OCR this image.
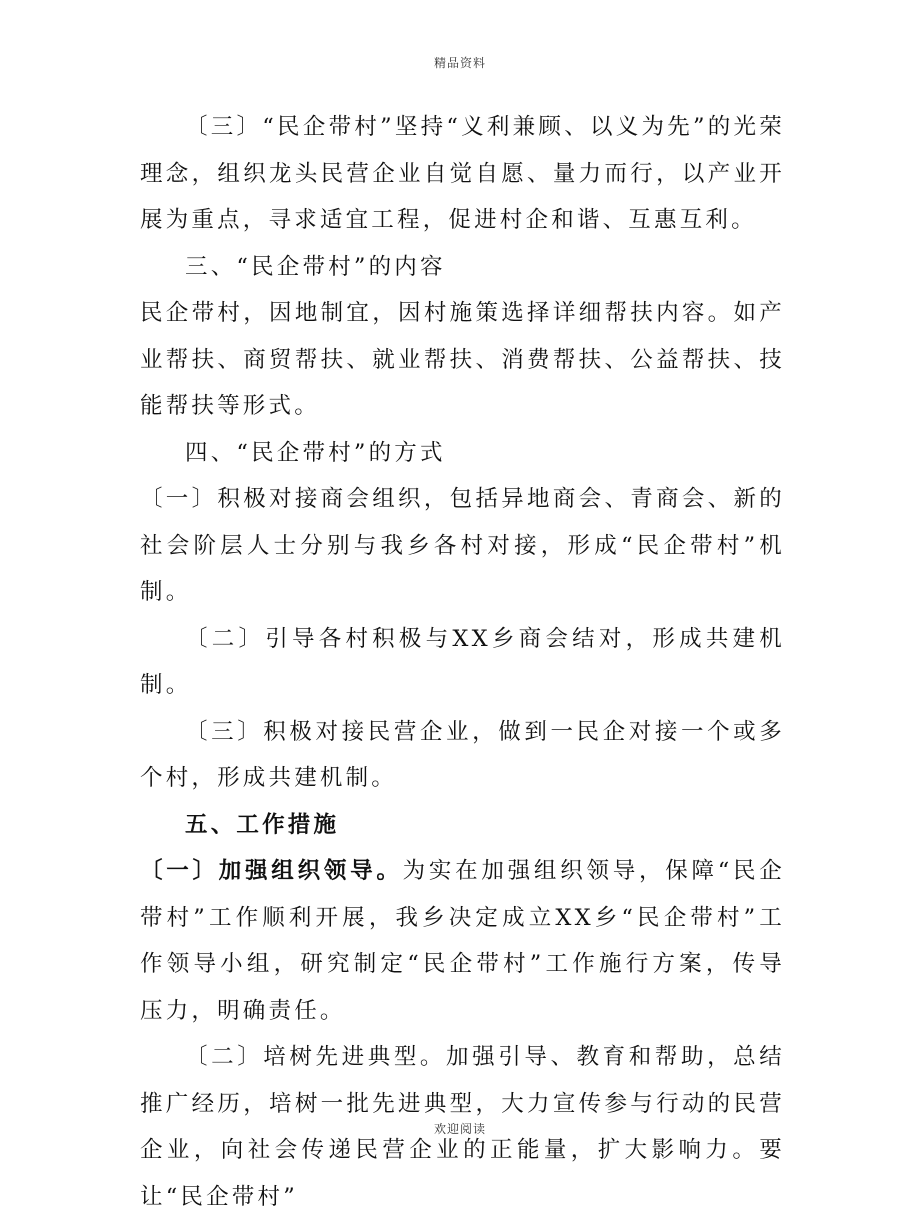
精品资料

〔三〕“民企带村”坚持“义利兼顾、以义为先”的光荣理念，组织龙头民营企业自觉自愿、量力而行，以产业开展为重点，寻求适宜工程，促进村企和谐、互惠互利。

三、“民企带村”的内容

民企带村，因地制宜，因村施策选择详细帮扶内容。如产业帮扶、商贸帮扶、就业帮扶、消费帮扶、公益帮扶、技能帮扶等形式。

四、“民企带村”的方式

〔一〕积极对接商会组织，包括异地商会、青商会、新的社会阶层人士分别与我乡各村对接，形成“民企带村”机制。

〔二〕引导各村积极与XX乡商会结对，形成共建机制。

〔三〕积极对接民营企业，做到一民企对接一个或多个村，形成共建机制。

五、工作措施

〔一〕加强组织领导。为实在加强组织领导，保障“民企带村”工作顺利开展，我乡决定成立XX乡“民企带村”工作领导小组，研究制定“民企带村”工作施行方案，传导压力，明确责任。

〔二〕培树先进典型。加强引导、教育和帮助，总结推广经历，培树一批先进典型，大力宣传参与行动的民营企业，向社会传递民营企业的正能量，扩大影响力。要让“民企带村”

欢迎阅读
